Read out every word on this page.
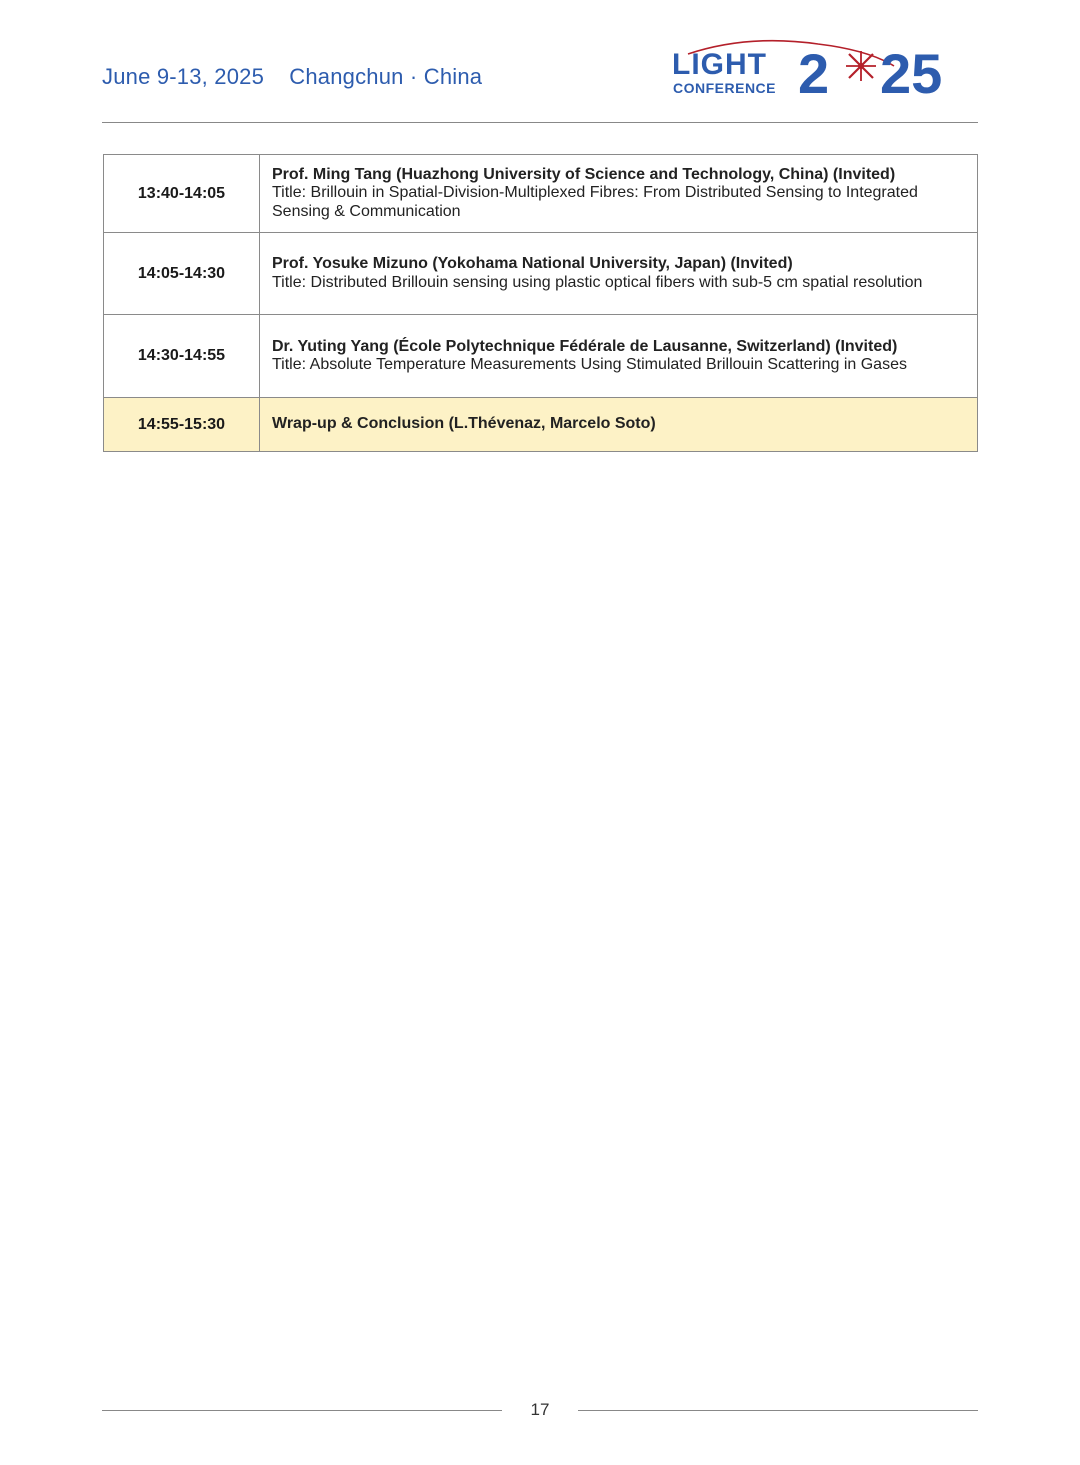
June 9-13, 2025    Changchun · China	LIGHT
CONFERENCE 2 25
13:40-14:05	Prof. Ming Tang (Huazhong University of Science and Technology, China) (Invited)
Title: Brillouin in Spatial-Division-Multiplexed Fibres: From Distributed Sensing to Integrated Sensing & Communication

14:05-14:30	Prof. Yosuke Mizuno (Yokohama National University, Japan) (Invited)
Title: Distributed Brillouin sensing using plastic optical fibers with sub-5 cm spatial resolution

14:30-14:55	Dr. Yuting Yang (École Polytechnique Fédérale de Lausanne, Switzerland) (Invited)
Title: Absolute Temperature Measurements Using Stimulated Brillouin Scattering in Gases

14:55-15:30	Wrap-up & Conclusion (L.Thévenaz, Marcelo Soto)
17
